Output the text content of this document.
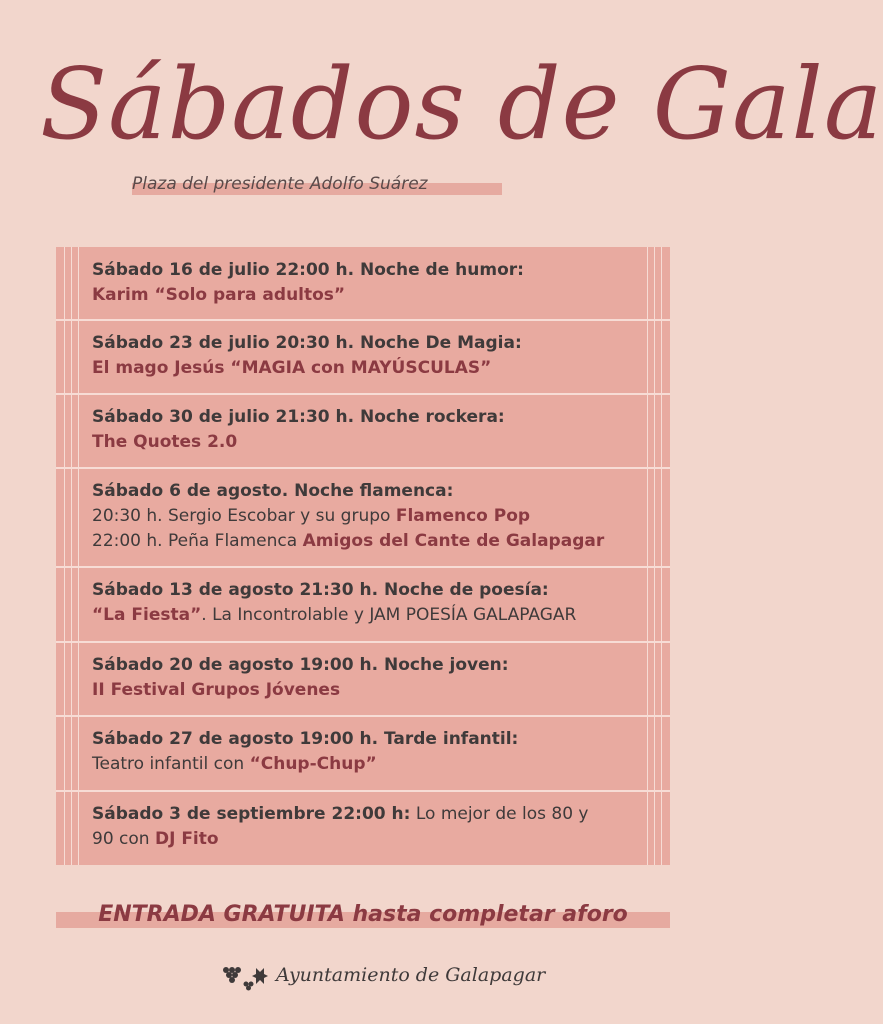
Sábados de Gala
Plaza del presidente Adolfo Suárez
Sábado 16 de julio 22:00 h. Noche de humor:
Karim “Solo para adultos”
Sábado 23 de julio 20:30 h. Noche De Magia:
El mago Jesús “MAGIA con MAYÚSCULAS”
Sábado 30 de julio 21:30 h. Noche rockera:
The Quotes 2.0
Sábado 6 de agosto. Noche flamenca:
20:30 h. Sergio Escobar y su grupo Flamenco Pop
22:00 h. Peña Flamenca Amigos del Cante de Galapagar
Sábado 13 de agosto 21:30 h. Noche de poesía:
“La Fiesta”. La Incontrolable y JAM POESÍA GALAPAGAR
Sábado 20 de agosto 19:00 h. Noche joven:
II Festival Grupos Jóvenes
Sábado 27 de agosto 19:00 h. Tarde infantil:
Teatro infantil con “Chup-Chup”
Sábado 3 de septiembre 22:00 h: Lo mejor de los 80 y
90 con DJ Fito
ENTRADA GRATUITA hasta completar aforo
Ayuntamiento de Galapagar
